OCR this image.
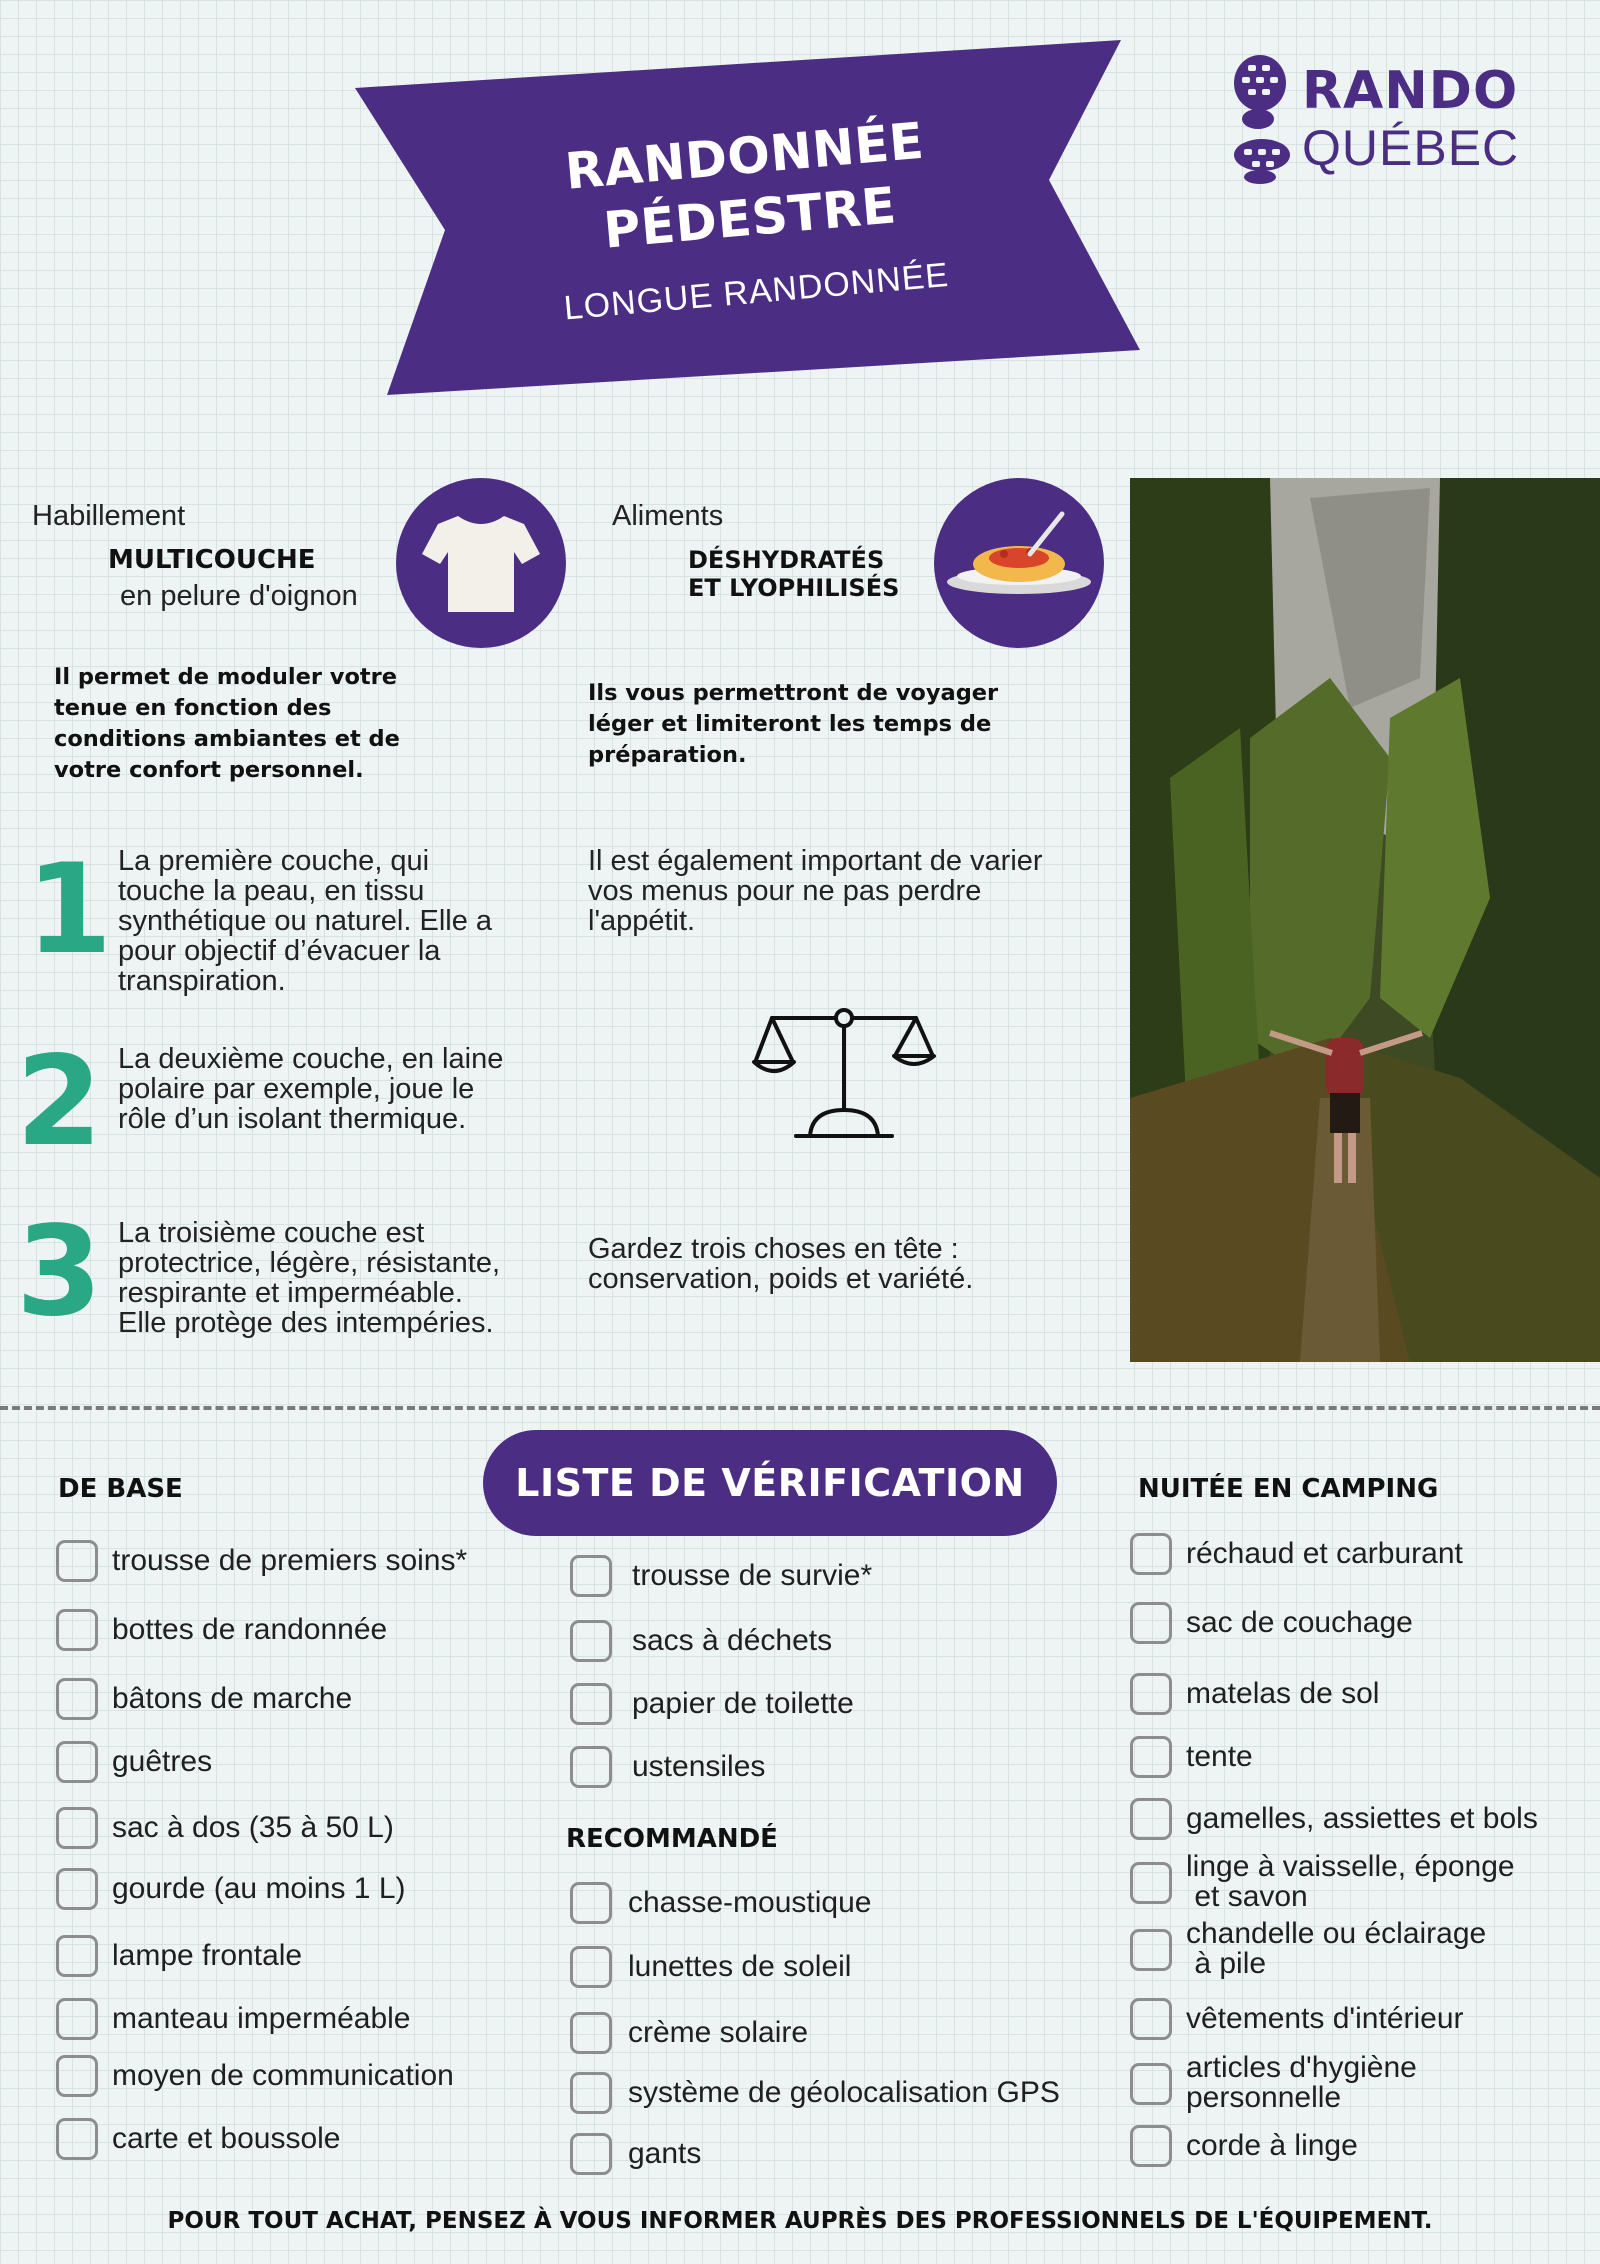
RANDONNÉE
PÉDESTRE
LONGUE RANDONNÉE
RANDO
QUÉBEC
Habillement
MULTICOUCHE
en pelure d'oignon
Il permet de moduler votre tenue en fonction des conditions ambiantes et de votre confort personnel.
1 La première couche, qui touche la peau, en tissu synthétique ou naturel. Elle a pour objectif d’évacuer la transpiration.
2 La deuxième couche, en laine polaire par exemple, joue le rôle d’un isolant thermique.
3 La troisième couche est protectrice, légère, résistante, respirante et imperméable. Elle protège des intempéries.
Aliments
DÉSHYDRATÉS
ET LYOPHILISÉS
Ils vous permettront de voyager léger et limiteront les temps de préparation.
Il est également important de varier vos menus pour ne pas perdre l'appétit.
Gardez trois choses en tête : conservation, poids et variété.
LISTE DE VÉRIFICATION
DE BASE	NUITÉE EN CAMPING
RECOMMANDÉ
trousse de premiers soins*
bottes de randonnée
bâtons de marche
guêtres
sac à dos (35 à 50 L)
gourde (au moins 1 L)
lampe frontale
manteau imperméable
moyen de communication
carte et boussole
trousse de survie*
sacs à déchets
papier de toilette
ustensiles
chasse-moustique
lunettes de soleil
crème solaire
système de géolocalisation GPS
gants
réchaud et carburant
sac de couchage
matelas de sol
tente
gamelles, assiettes et bols
linge à vaisselle, éponge
et savon
chandelle ou éclairage
à pile
vêtements d'intérieur
articles d'hygiène
personnelle
corde à linge
POUR TOUT ACHAT, PENSEZ À VOUS INFORMER AUPRÈS DES PROFESSIONNELS DE L'ÉQUIPEMENT.
